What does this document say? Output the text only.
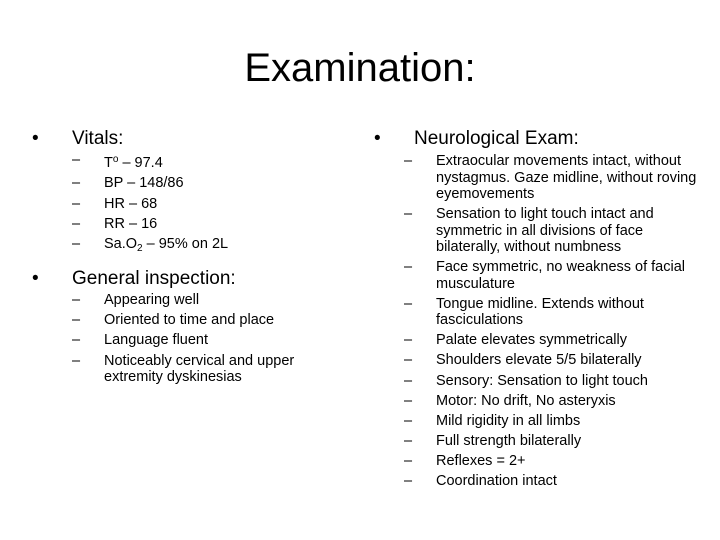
Examination:
•	Vitals:
–	$T^o - 97.4$
–	BP – 148/86
–	HR – 68
–	RR – 16
–	$Sa.O_2 - 95\%$ on 2L
•	General inspection:
–	Appearing well
–	Oriented to time and place
–	Language fluent
–	Noticeably cervical and upper extremity dyskinesias
•	Neurological Exam:
–	Extraocular movements intact, without nystagmus. Gaze midline, without roving eyemovements
–	Sensation to light touch intact and symmetric in all divisions of face bilaterally, without numbness
–	Face symmetric, no weakness of facial musculature
–	Tongue midline. Extends without fasciculations
–	Palate elevates symmetrically
–	Shoulders elevate 5/5 bilaterally
–	Sensory: Sensation to light touch
–	Motor: No drift, No asteryxis
–	Mild rigidity in all limbs
–	Full strength bilaterally
–	Reflexes = 2+
–	Coordination intact
